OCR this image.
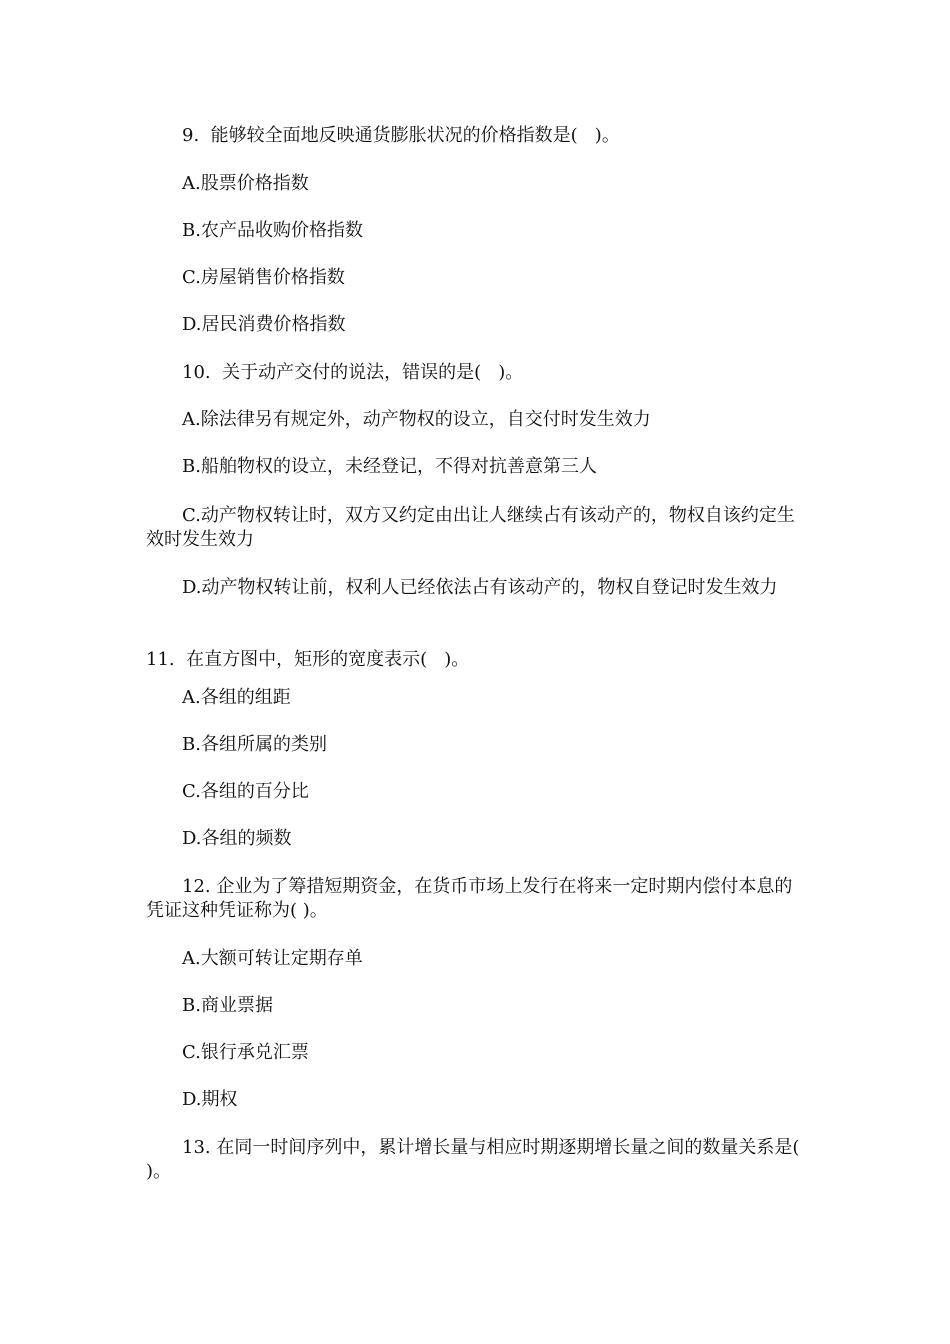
9.  能够较全面地反映通货膨胀状况的价格指数是(   )。

A.股票价格指数

B.农产品收购价格指数

C.房屋销售价格指数

D.居民消费价格指数

10.  关于动产交付的说法，错误的是(   )。

A.除法律另有规定外，动产物权的设立，自交付时发生效力

B.船舶物权的设立，未经登记，不得对抗善意第三人

C.动产物权转让时，双方又约定由出让人继续占有该动产的，物权自该约定生效时发生效力

D.动产物权转让前，权利人已经依法占有该动产的，物权自登记时发生效力

11.  在直方图中，矩形的宽度表示(   )。

A.各组的组距

B.各组所属的类别

C.各组的百分比

D.各组的频数

12. 企业为了筹措短期资金，在货币市场上发行在将来一定时期内偿付本息的凭证这种凭证称为( )。

A.大额可转让定期存单

B.商业票据

C.银行承兑汇票

D.期权

13. 在同一时间序列中，累计增长量与相应时期逐期增长量之间的数量关系是( )。
